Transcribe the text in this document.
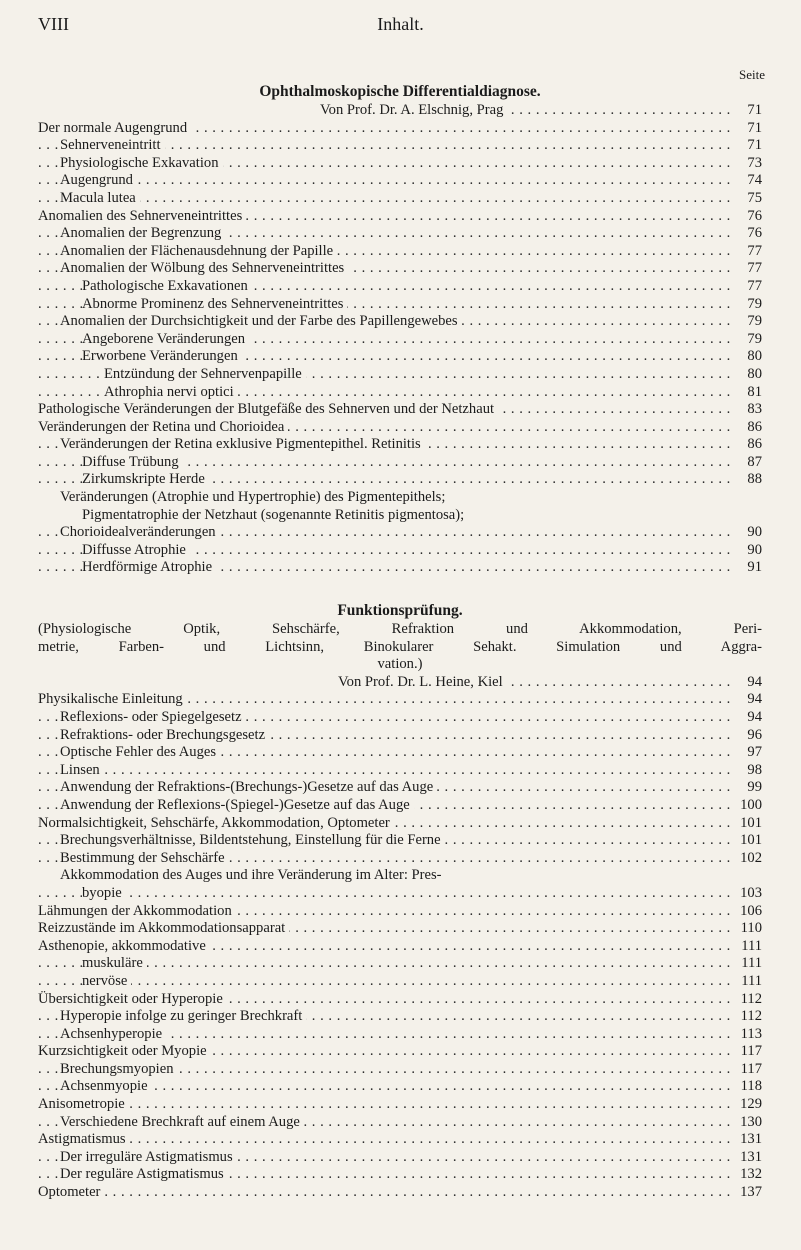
VIII	Inhalt.
Seite
Ophthalmoskopische Differentialdiagnose.
Von Prof. Dr. A. Elschnig, Prag . . .	71
Der normale Augengrund . . .	71
Sehnerveneintritt . . .	71
Physiologische Exkavation . . .	73
Augengrund . . .	74
Macula lutea . . .	75
Anomalien des Sehnerveneintrittes . . .	76
Anomalien der Begrenzung . . .	76
Anomalien der Flächenausdehnung der Papille . . .	77
Anomalien der Wölbung des Sehnerveneintrittes . . .	77
Pathologische Exkavationen . . .	77
Abnorme Prominenz des Sehnerveneintrittes . . .	79
Anomalien der Durchsichtigkeit und der Farbe des Papillengewebes . . .	79
Angeborene Veränderungen . . .	79
Erworbene Veränderungen . . .	80
Entzündung der Sehnervenpapille . . .	80
Athrophia nervi optici . . .	81
Pathologische Veränderungen der Blutgefäße des Sehnerven und der Netzhaut . . .	83
Veränderungen der Retina und Chorioidea . . .	86
Veränderungen der Retina exklusive Pigmentepithel. Retinitis . . .	86
Diffuse Trübung . . .	87
Zirkumskripte Herde . . .	88
Veränderungen (Atrophie und Hypertrophie) des Pigmentepithels;
Pigmentatrophie der Netzhaut (sogenannte Retinitis pigmentosa);
Chorioidealveränderungen . . .	90
Diffusse Atrophie . . .	90
Herdförmige Atrophie . . .	91
Funktionsprüfung.
(Physiologische Optik, Sehschärfe, Refraktion und Akkommodation, Peri-
metrie, Farben- und Lichtsinn, Binokularer Sehakt. Simulation und Aggra-
vation.)
Von Prof. Dr. L. Heine, Kiel . . .	94
Physikalische Einleitung . . .	94
Reflexions- oder Spiegelgesetz . . .	94
Refraktions- oder Brechungsgesetz . . .	96
Optische Fehler des Auges . . .	97
Linsen . . .	98
Anwendung der Refraktions-(Brechungs-)Gesetze auf das Auge . . .	99
Anwendung der Reflexions-(Spiegel-)Gesetze auf das Auge . . .	100
Normalsichtigkeit, Sehschärfe, Akkommodation, Optometer . . .	101
Brechungsverhältnisse, Bildentstehung, Einstellung für die Ferne . . .	101
Bestimmung der Sehschärfe . . .	102
Akkommodation des Auges und ihre Veränderung im Alter: Pres-
byopie . . .	103
Lähmungen der Akkommodation . . .	106
Reizzustände im Akkommodationsapparat . . .	110
Asthenopie, akkommodative . . .	111
muskuläre . . .	111
nervöse . . .	111
Übersichtigkeit oder Hyperopie . . .	112
Hyperopie infolge zu geringer Brechkraft . . .	112
Achsenhyperopie . . .	113
Kurzsichtigkeit oder Myopie . . .	117
Brechungsmyopien . . .	117
Achsenmyopie . . .	118
Anisometropie . . .	129
Verschiedene Brechkraft auf einem Auge . . .	130
Astigmatismus . . .	131
Der irreguläre Astigmatismus . . .	131
Der reguläre Astigmatismus . . .	132
Optometer . . .	137
